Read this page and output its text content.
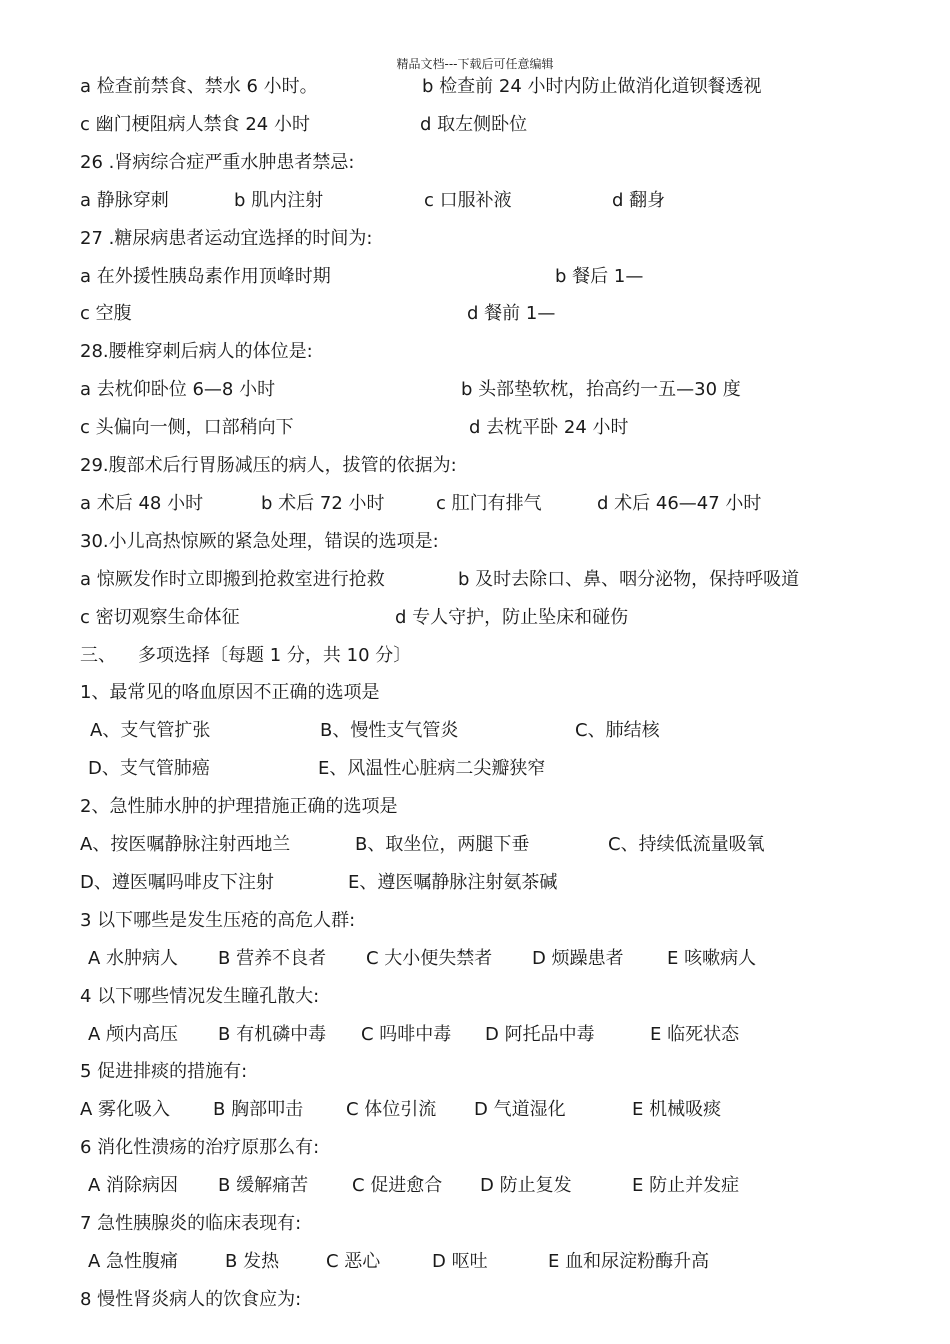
精品文档---下载后可任意编辑
a 检查前禁食、禁水 6 小时。	b 检查前 24 小时内防止做消化道钡餐透视
c 幽门梗阻病人禁食 24 小时	d 取左侧卧位
26 .肾病综合症严重水肿患者禁忌:
a 静脉穿刺	b 肌内注射	c 口服补液	d 翻身
27 .糖尿病患者运动宜选择的时间为:
a 在外援性胰岛素作用顶峰时期	b 餐后 1—
c 空腹	d 餐前 1—
28.腰椎穿刺后病人的体位是:
a 去枕仰卧位 6—8 小时	b 头部垫软枕，抬高约一五—30 度
c 头偏向一侧，口部稍向下	d 去枕平卧 24 小时
29.腹部术后行胃肠减压的病人，拔管的依据为:
a 术后 48 小时	b 术后 72 小时	c 肛门有排气	d 术后 46—47 小时
30.小儿高热惊厥的紧急处理，错误的选项是:
a 惊厥发作时立即搬到抢救室进行抢救	b 及时去除口、鼻、咽分泌物，保持呼吸道
c 密切观察生命体征	d 专人守护，防止坠床和碰伤
三、 多项选择〔每题 1 分，共 10 分〕
1、最常见的咯血原因不正确的选项是
A、支气管扩张	B、慢性支气管炎	C、肺结核
D、支气管肺癌	E、风温性心脏病二尖瓣狭窄
2、急性肺水肿的护理措施正确的选项是
A、按医嘱静脉注射西地兰	B、取坐位，两腿下垂	C、持续低流量吸氧
D、遵医嘱吗啡皮下注射	E、遵医嘱静脉注射氨茶碱
3 以下哪些是发生压疮的高危人群:
A 水肿病人 B 营养不良者 C 大小便失禁者 D 烦躁患者 E 咳嗽病人
4 以下哪些情况发生瞳孔散大:
A 颅内高压 B 有机磷中毒 C 吗啡中毒 D 阿托品中毒	E 临死状态
5 促进排痰的措施有:
A 雾化吸入 B 胸部叩击 C 体位引流 D 气道湿化	E 机械吸痰
6 消化性溃疡的治疗原那么有:
A 消除病因 B 缓解痛苦 C 促进愈合 D 防止复发	E 防止并发症
7 急性胰腺炎的临床表现有:
A 急性腹痛	B 发热	C 恶心	D 呕吐	E 血和尿淀粉酶升高
8 慢性肾炎病人的饮食应为:
